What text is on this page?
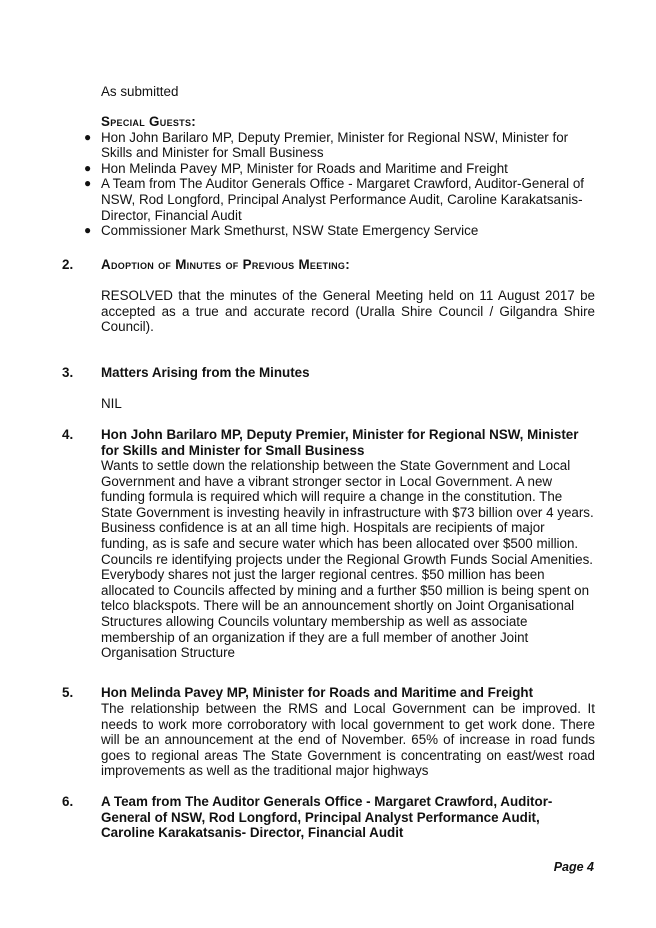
As submitted
Special Guests:
● Hon John Barilaro MP, Deputy Premier, Minister for Regional NSW, Minister for Skills and Minister for Small Business
● Hon Melinda Pavey MP, Minister for Roads and Maritime and Freight
● A Team from The Auditor Generals Office - Margaret Crawford, Auditor-General of NSW, Rod Longford, Principal Analyst Performance Audit, Caroline Karakatsanis-Director, Financial Audit
● Commissioner Mark Smethurst, NSW State Emergency Service
2. Adoption of Minutes of Previous Meeting:
RESOLVED that the minutes of the General Meeting held on 11 August 2017 be accepted as a true and accurate record (Uralla Shire Council / Gilgandra Shire Council).
3. Matters Arising from the Minutes
NIL
4. Hon John Barilaro MP, Deputy Premier, Minister for Regional NSW, Minister for Skills and Minister for Small Business
Wants to settle down the relationship between the State Government and Local Government and have a vibrant stronger sector in Local Government. A new funding formula is required which will require a change in the constitution. The State Government is investing heavily in infrastructure with $73 billion over 4 years. Business confidence is at an all time high. Hospitals are recipients of major funding, as is safe and secure water which has been allocated over $500 million. Councils re identifying projects under the Regional Growth Funds Social Amenities. Everybody shares not just the larger regional centres. $50 million has been allocated to Councils affected by mining and a further $50 million is being spent on telco blackspots. There will be an announcement shortly on Joint Organisational Structures allowing Councils voluntary membership as well as associate membership of an organization if they are a full member of another Joint Organisation Structure
5. Hon Melinda Pavey MP, Minister for Roads and Maritime and Freight
The relationship between the RMS and Local Government can be improved. It needs to work more corroboratory with local government to get work done. There will be an announcement at the end of November. 65% of increase in road funds goes to regional areas The State Government is concentrating on east/west road improvements as well as the traditional major highways
6. A Team from The Auditor Generals Office - Margaret Crawford, Auditor-General of NSW, Rod Longford, Principal Analyst Performance Audit, Caroline Karakatsanis- Director, Financial Audit
Page 4
